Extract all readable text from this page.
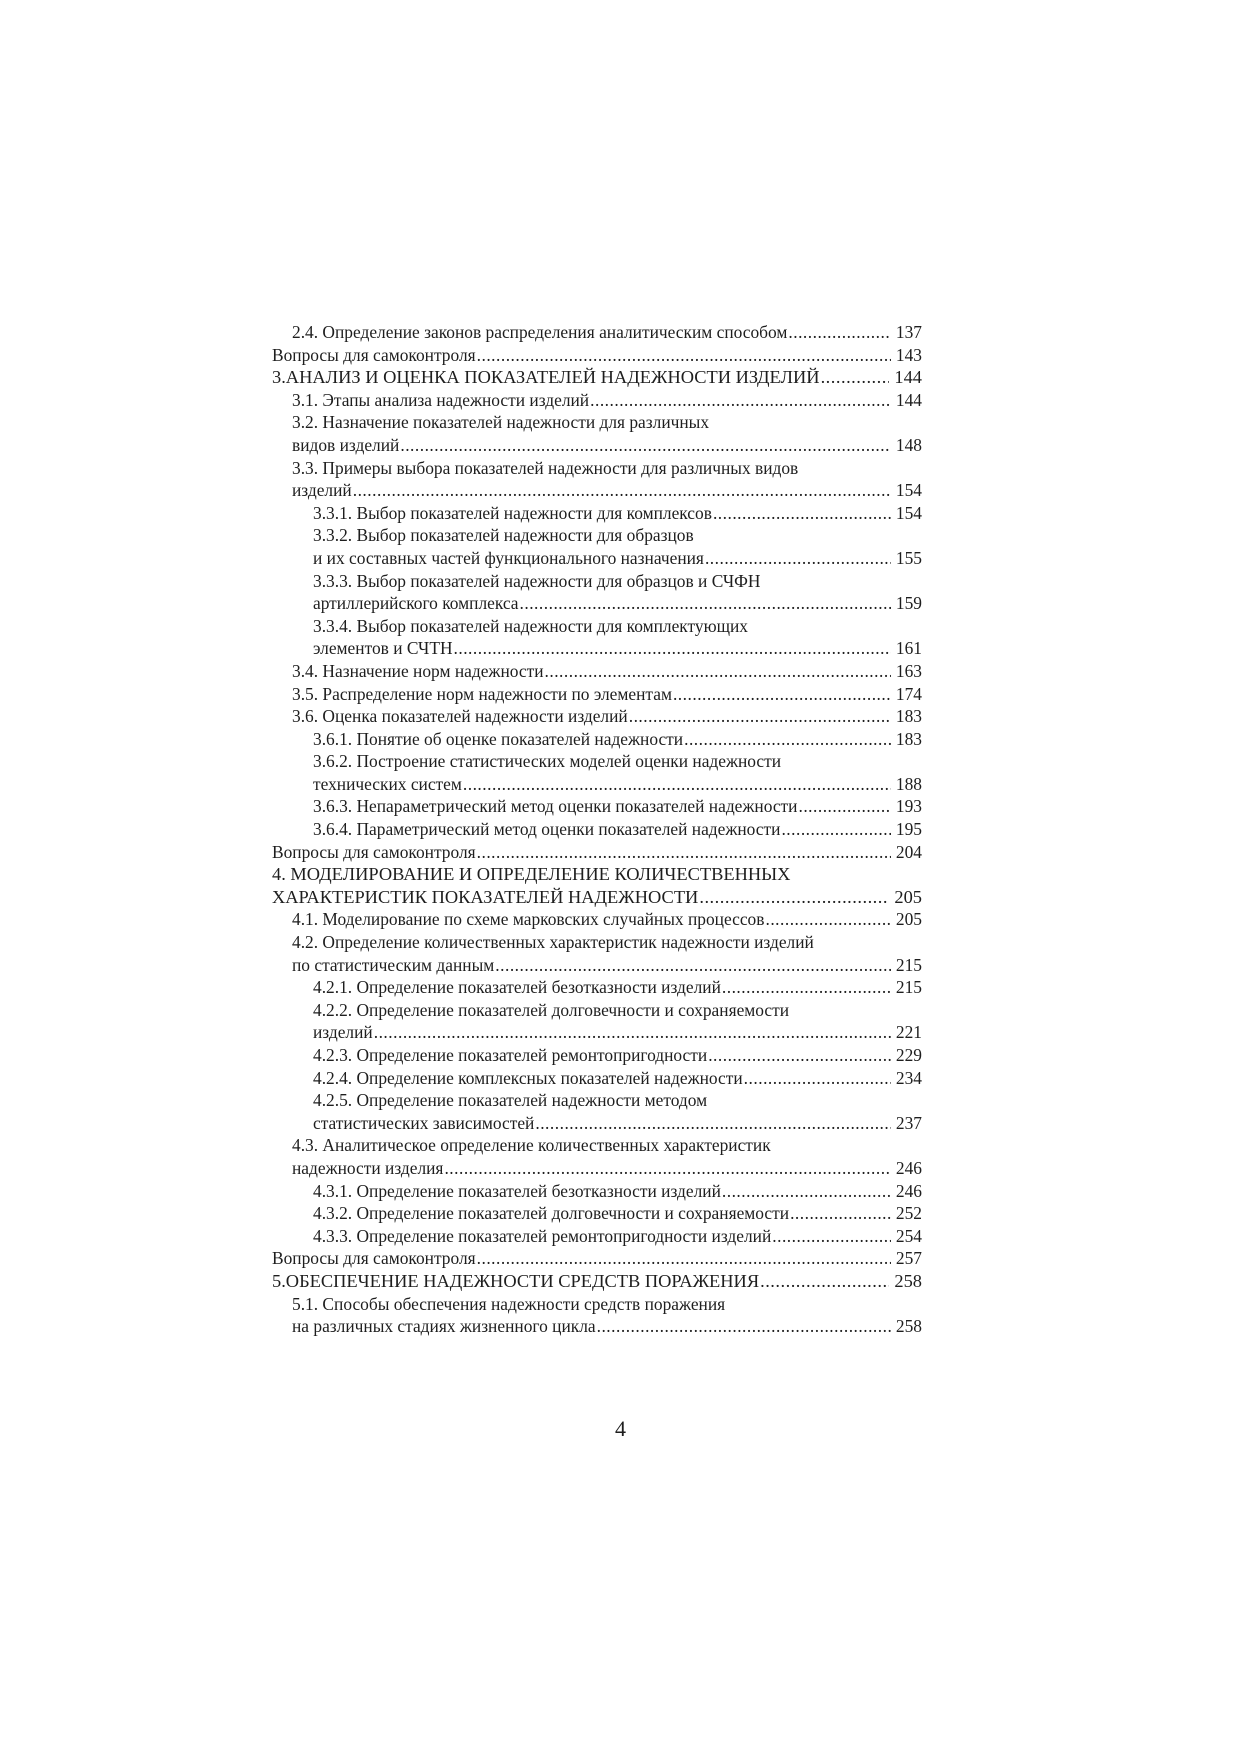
2.4. Определение законов распределения аналитическим способом .....	137
Вопросы для самоконтроля .....	143
3.АНАЛИЗ И ОЦЕНКА ПОКАЗАТЕЛЕЙ НАДЕЖНОСТИ ИЗДЕЛИЙ .....	144
3.1. Этапы анализа надежности изделий .....	144
3.2. Назначение показателей надежности для различных
видов изделий .....	148
3.3. Примеры выбора показателей надежности для различных видов
изделий .....	154
3.3.1. Выбор показателей надежности для комплексов .....	154
3.3.2. Выбор показателей надежности для образцов
и их составных частей функционального назначения .....	155
3.3.3. Выбор показателей надежности для образцов и СЧФН
артиллерийского комплекса .....	159
3.3.4. Выбор показателей надежности для комплектующих
элементов и СЧТН .....	161
3.4. Назначение норм надежности .....	163
3.5. Распределение норм надежности по элементам .....	174
3.6. Оценка показателей надежности изделий .....	183
3.6.1. Понятие об оценке показателей надежности .....	183
3.6.2. Построение статистических моделей оценки надежности
технических систем .....	188
3.6.3. Непараметрический метод оценки показателей надежности .....	193
3.6.4. Параметрический метод оценки показателей надежности .....	195
Вопросы для самоконтроля .....	204
4. МОДЕЛИРОВАНИЕ И ОПРЕДЕЛЕНИЕ КОЛИЧЕСТВЕННЫХ
ХАРАКТЕРИСТИК ПОКАЗАТЕЛЕЙ НАДЕЖНОСТИ .....	205
4.1. Моделирование по схеме марковских случайных процессов .....	205
4.2. Определение количественных характеристик надежности изделий
по статистическим данным .....	215
4.2.1. Определение показателей безотказности изделий .....	215
4.2.2. Определение показателей долговечности и сохраняемости
изделий .....	221
4.2.3. Определение показателей ремонтопригодности .....	229
4.2.4. Определение комплексных показателей надежности .....	234
4.2.5. Определение показателей надежности методом
статистических зависимостей .....	237
4.3. Аналитическое определение количественных характеристик
надежности изделия .....	246
4.3.1. Определение показателей безотказности изделий .....	246
4.3.2. Определение показателей долговечности и сохраняемости .....	252
4.3.3. Определение показателей ремонтопригодности изделий .....	254
Вопросы для самоконтроля .....	257
5.ОБЕСПЕЧЕНИЕ НАДЕЖНОСТИ СРЕДСТВ ПОРАЖЕНИЯ .....	258
5.1. Способы обеспечения надежности средств поражения
на различных стадиях жизненного цикла .....	258
4
